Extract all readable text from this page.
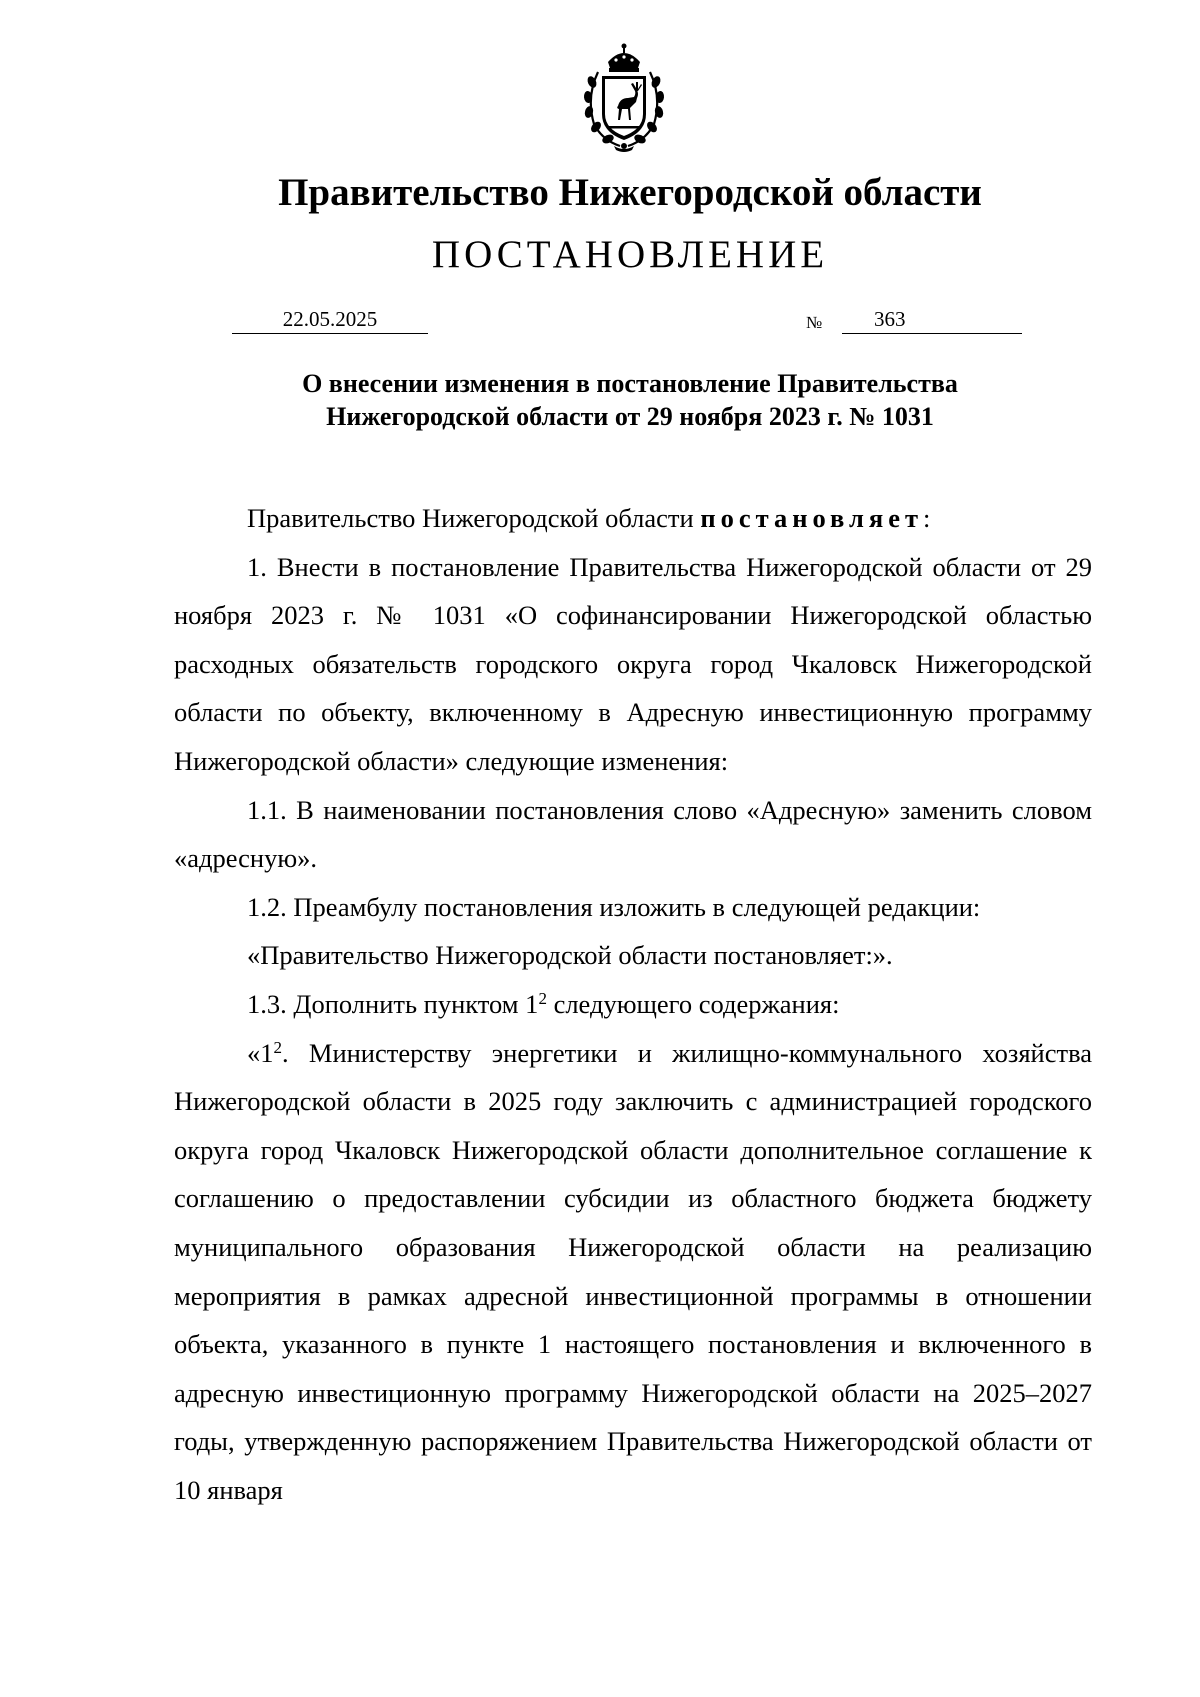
Правительство Нижегородской области
ПОСТАНОВЛЕНИЕ
22.05.2025	№	363
О внесении изменения в постановление Правительства
Нижегородской области от 29 ноября 2023 г. № 1031

Правительство Нижегородской области постановляет:

1. Внести в постановление Правительства Нижегородской области от 29 ноября 2023 г. № 1031 «О софинансировании Нижегородской областью расходных обязательств городского округа город Чкаловск Нижегородской области по объекту, включенному в Адресную инвестиционную программу Нижегородской области» следующие изменения:

1.1. В наименовании постановления слово «Адресную» заменить словом «адресную».

1.2. Преамбулу постановления изложить в следующей редакции:

«Правительство Нижегородской области постановляет:».

1.3. Дополнить пунктом $1^2$ следующего содержания:

«$1^2$. Министерству энергетики и жилищно-коммунального хозяйства Нижегородской области в 2025 году заключить с администрацией городского округа город Чкаловск Нижегородской области дополнительное соглашение к соглашению о предоставлении субсидии из областного бюджета бюджету муниципального образования Нижегородской области на реализацию мероприятия в рамках адресной инвестиционной программы в отношении объекта, указанного в пункте 1 настоящего постановления и включенного в адресную инвестиционную программу Нижегородской области на 2025–2027 годы, утвержденную распоряжением Правительства Нижегородской области от 10 января
